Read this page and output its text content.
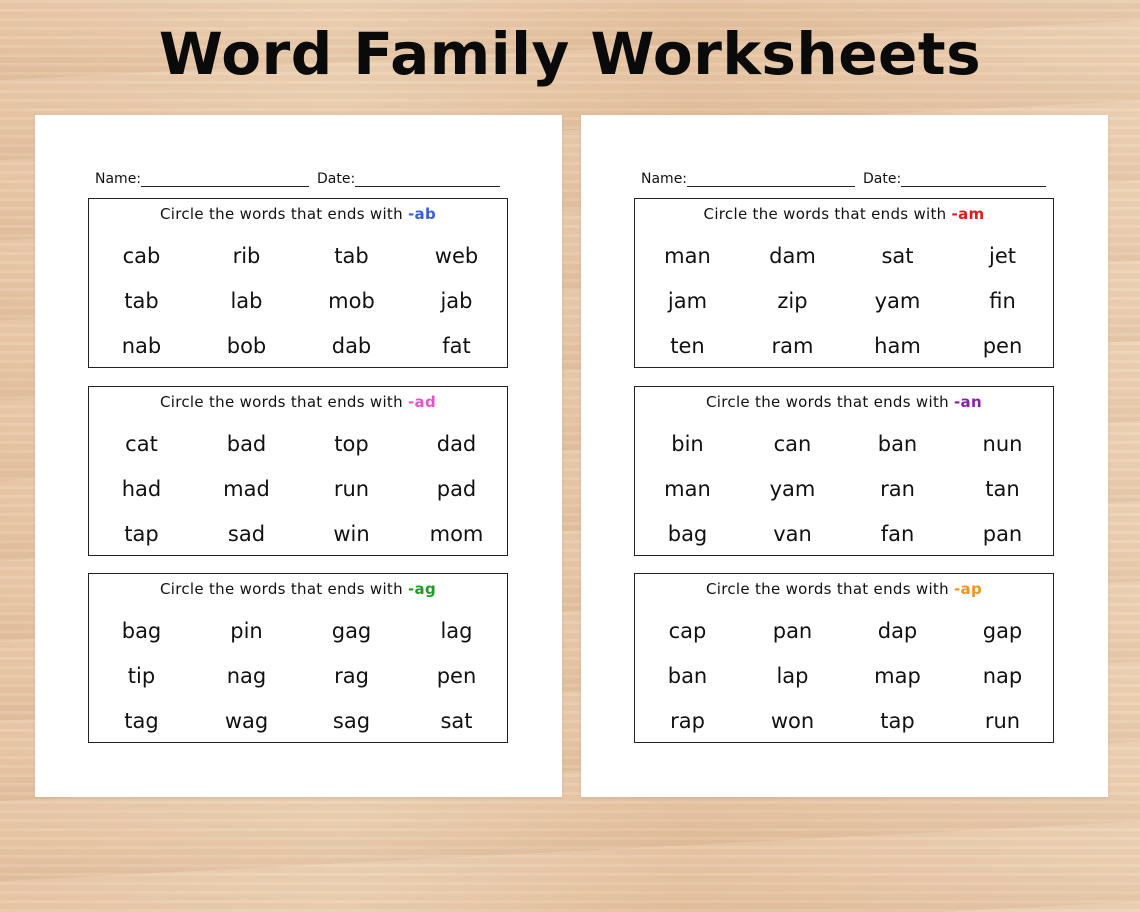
Word Family Worksheets
Name:	Date:
Circle the words that ends with -ab
cab	rib	tab	web
tab	lab	mob	jab
nab	bob	dab	fat
Circle the words that ends with -ad
cat	bad	top	dad
had	mad	run	pad
tap	sad	win	mom
Circle the words that ends with -ag
bag	pin	gag	lag
tip	nag	rag	pen
tag	wag	sag	sat
Name:	Date:
Circle the words that ends with -am
man	dam	sat	jet
jam	zip	yam	fin
ten	ram	ham	pen
Circle the words that ends with -an
bin	can	ban	nun
man	yam	ran	tan
bag	van	fan	pan
Circle the words that ends with -ap
cap	pan	dap	gap
ban	lap	map	nap
rap	won	tap	run
